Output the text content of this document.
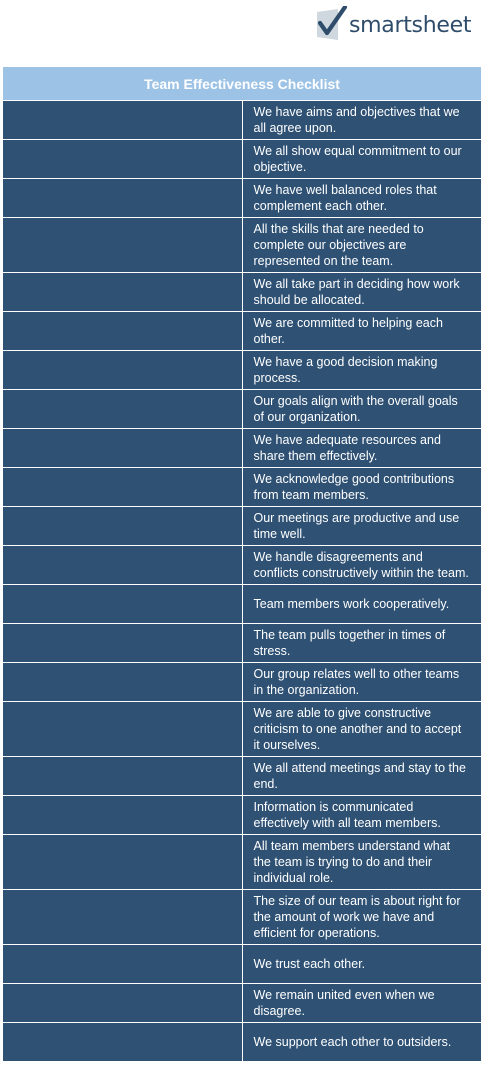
smartsheet
Team Effectiveness Checklist	
	We have aims and objectives that we all agree upon.
	We all show equal commitment to our objective.
	We have well balanced roles that complement each other.
	All the skills that are needed to complete our objectives are represented on the team.
	We all take part in deciding how work should be allocated.
	We are committed to helping each other.
	We have a good decision making process.
	Our goals align with the overall goals of our organization.
	We have adequate resources and share them effectively.
	We acknowledge good contributions from team members.
	Our meetings are productive and use time well.
	We handle disagreements and conflicts constructively within the team.
	Team members work cooperatively.
	The team pulls together in times of stress.
	Our group relates well to other teams in the organization.
	We are able to give constructive criticism to one another and to accept it ourselves.
	We all attend meetings and stay to the end.
	Information is communicated effectively with all team members.
	All team members understand what the team is trying to do and their individual role.
	The size of our team is about right for the amount of work we have and efficient for operations.
	We trust each other.
	We remain united even when we disagree.
	We support each other to outsiders.
